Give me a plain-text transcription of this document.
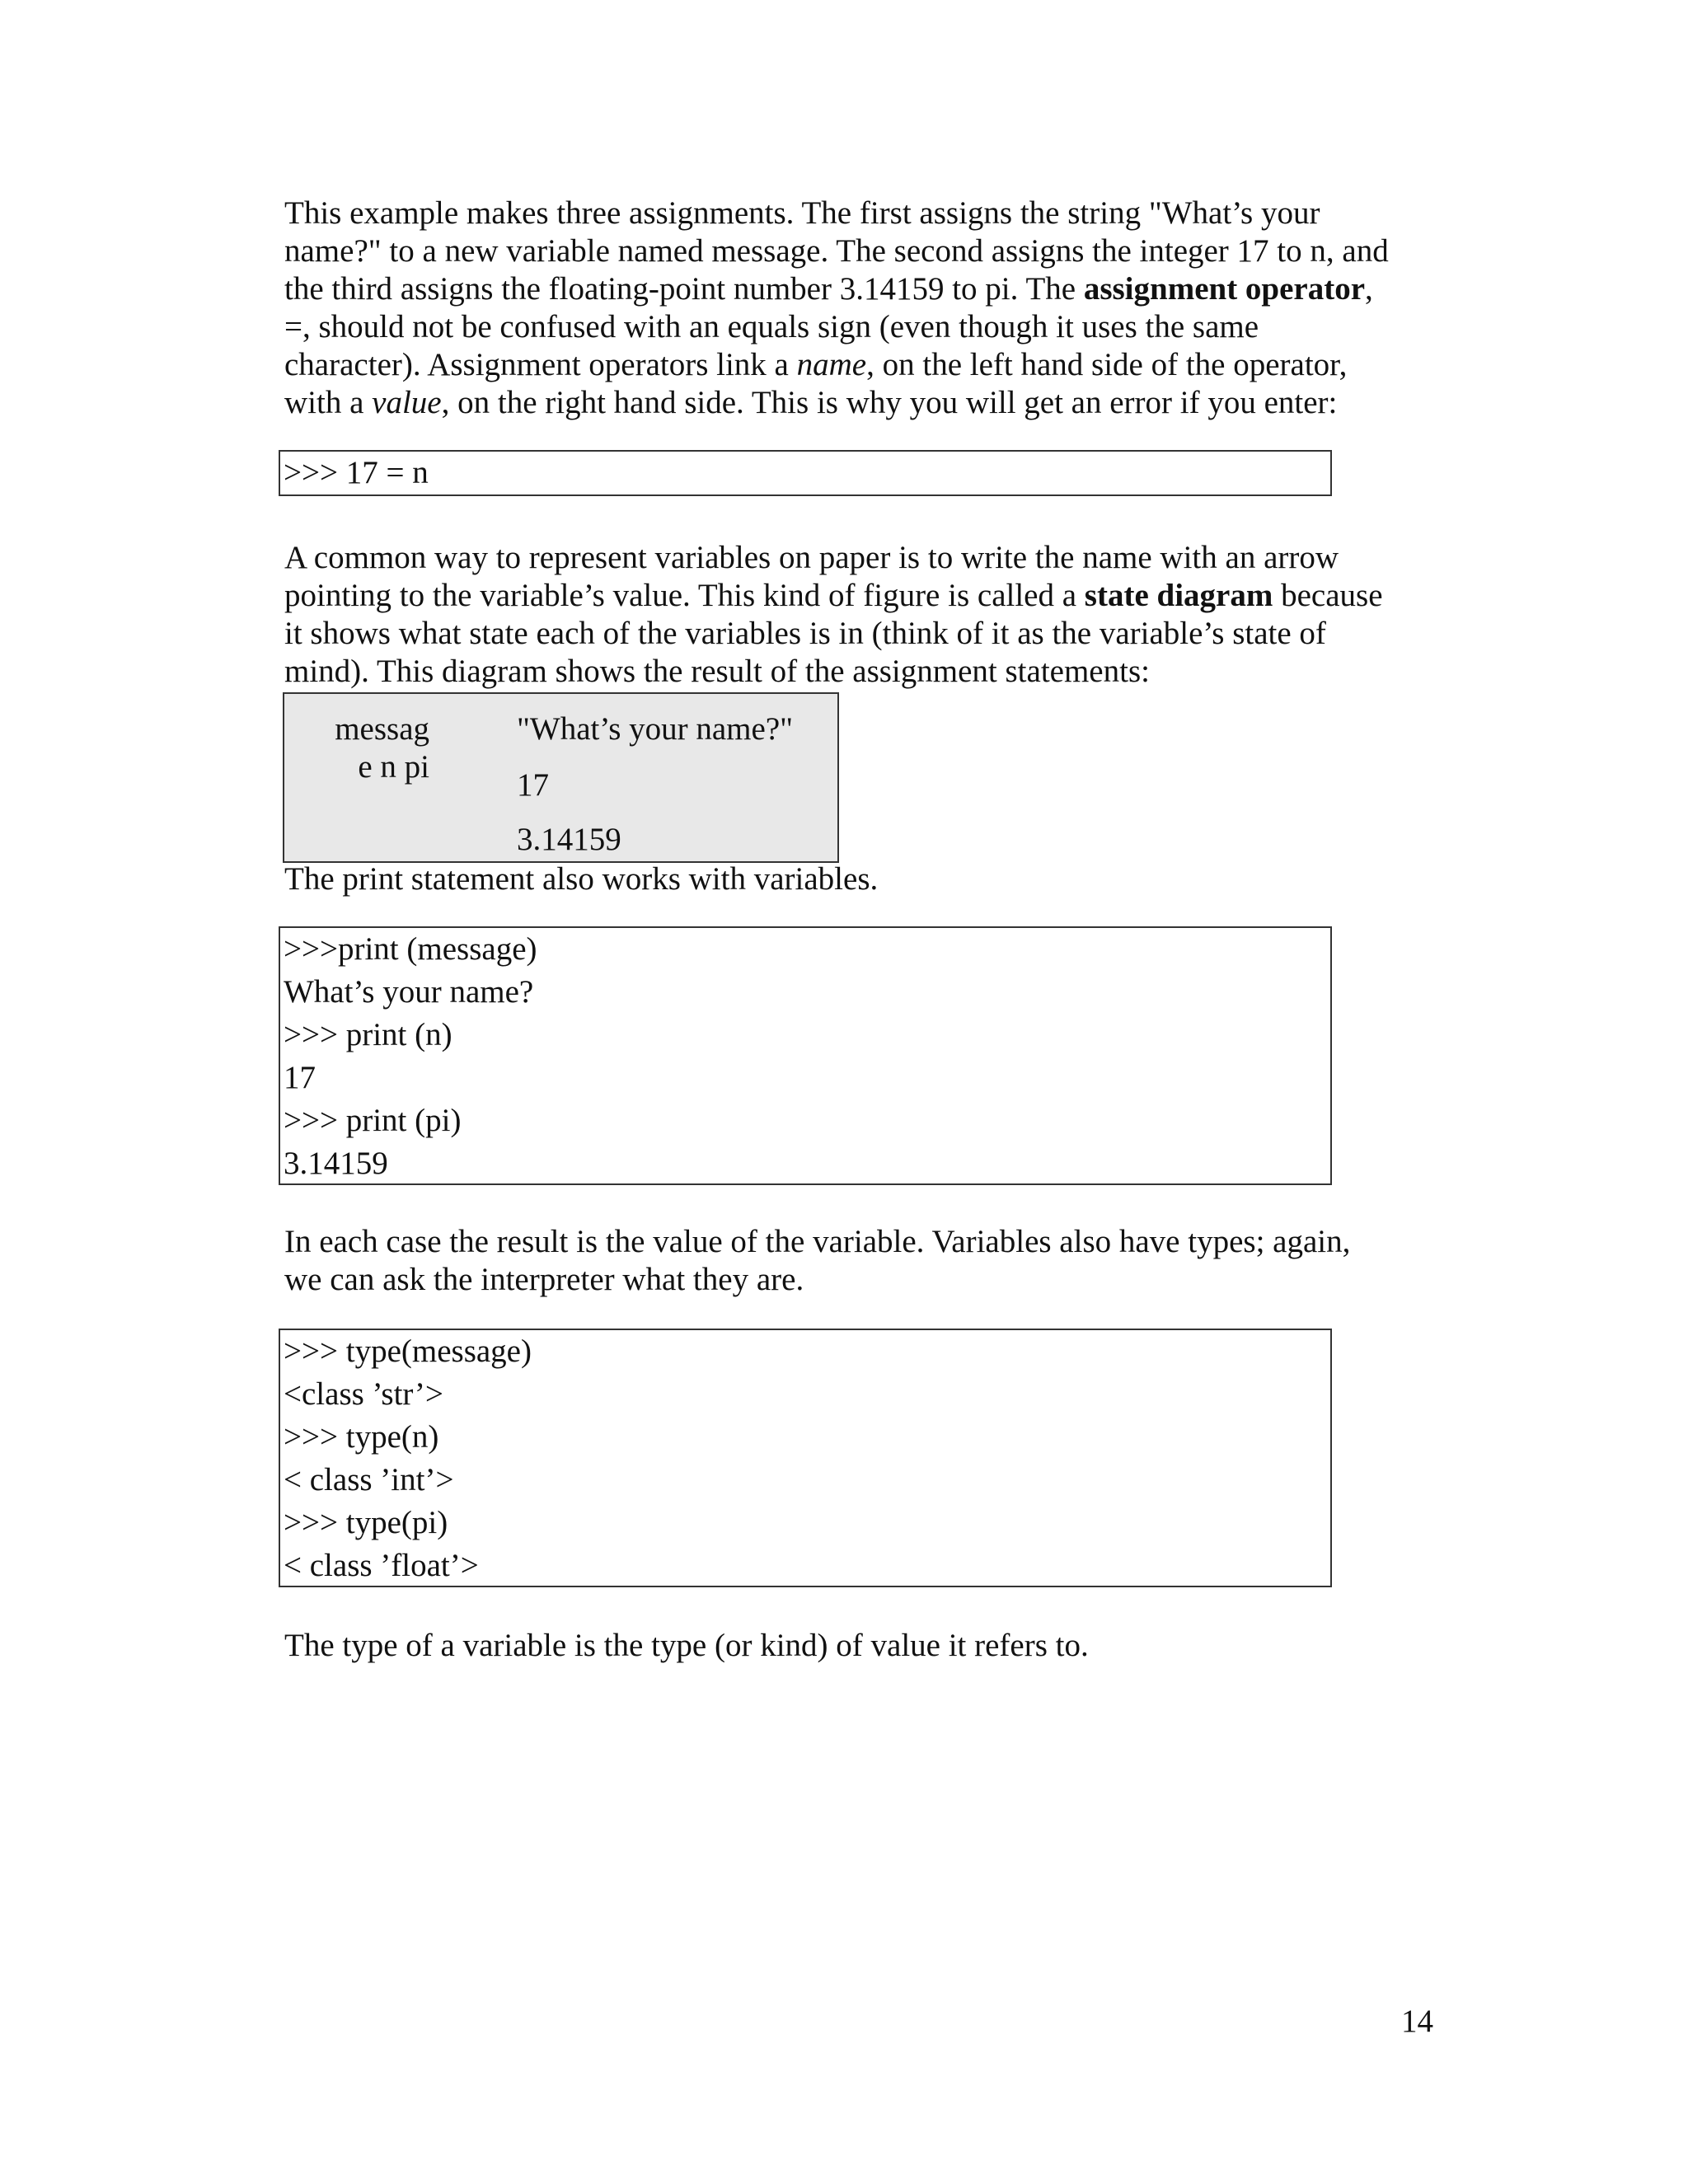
This example makes three assignments. The first assigns the string "What’s your
name?" to a new variable named message. The second assigns the integer 17 to n, and
the third assigns the floating-point number 3.14159 to pi. The assignment operator,
=, should not be confused with an equals sign (even though it uses the same
character). Assignment operators link a name, on the left hand side of the operator,
with a value, on the right hand side. This is why you will get an error if you enter:

>>> 17 = n

A common way to represent variables on paper is to write the name with an arrow
pointing to the variable’s value. This kind of figure is called a state diagram because
it shows what state each of the variables is in (think of it as the variable’s state of
mind). This diagram shows the result of the assignment statements:

messag
e n pi
"What’s your name?"
17
3.14159

The print statement also works with variables.

>>>print (message)
What’s your name?
>>> print (n)
17
>>> print (pi)
3.14159

In each case the result is the value of the variable. Variables also have types; again,
we can ask the interpreter what they are.

>>> type(message)
<class ’str’>
>>> type(n)
< class ’int’>
>>> type(pi)
< class ’float’>

The type of a variable is the type (or kind) of value it refers to.

14
